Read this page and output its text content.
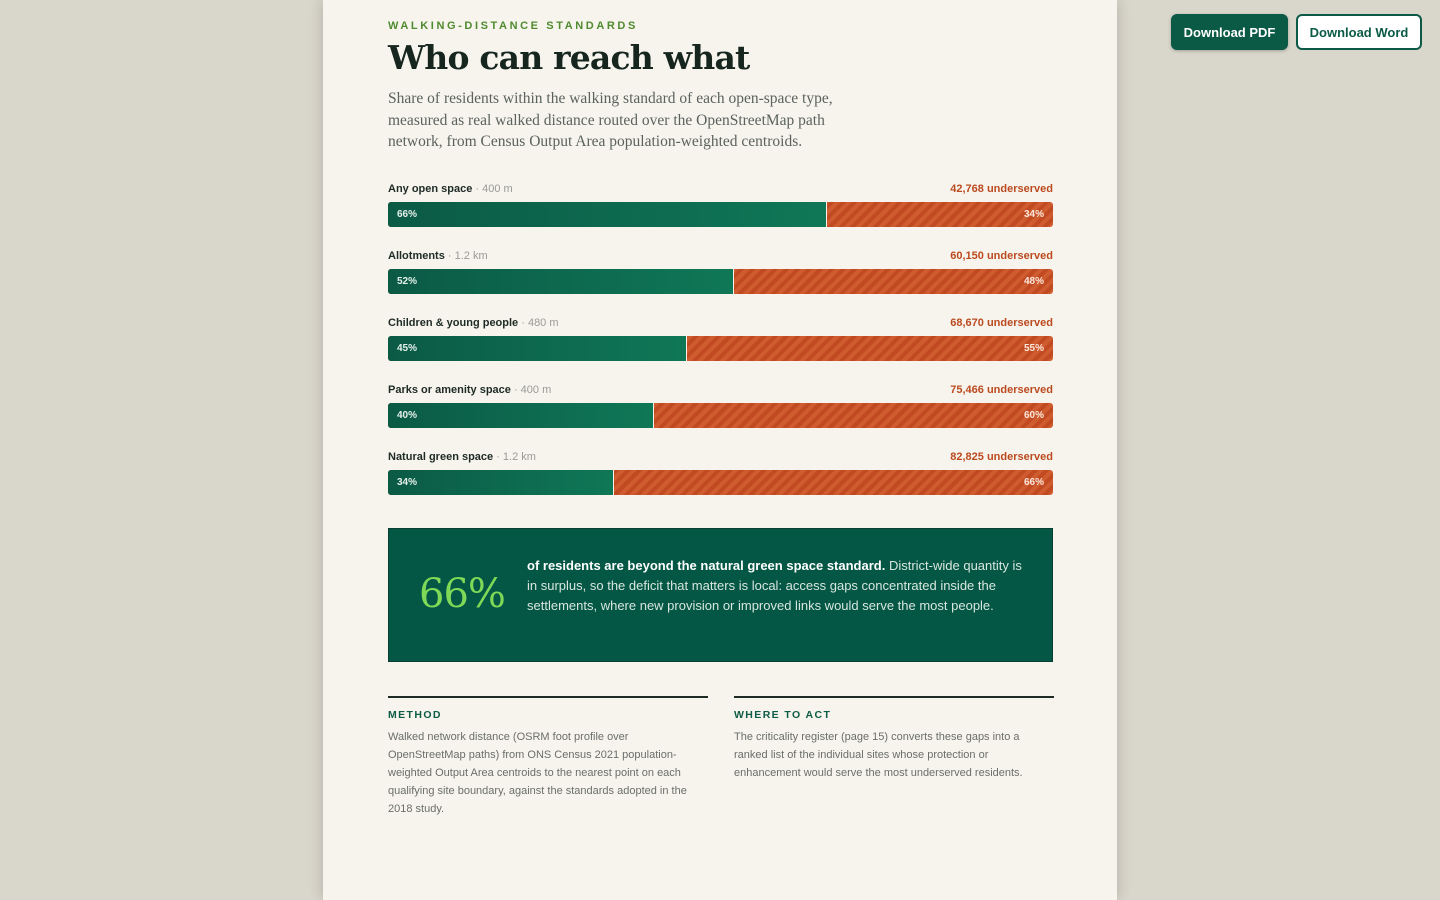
WALKING-DISTANCE STANDARDS
Who can reach what

Share of residents within the walking standard of each open-space type, measured as real walked distance routed over the OpenStreetMap path network, from Census Output Area population-weighted centroids.

Any open space · 400 m	42,768 underserved
66%	34%
Allotments · 1.2 km	60,150 underserved
52%	48%
Children & young people · 480 m	68,670 underserved
45%	55%
Parks or amenity space · 400 m	75,466 underserved
40%	60%
Natural green space · 1.2 km	82,825 underserved
34%	66%
66%

of residents are beyond the natural green space standard. District-wide quantity is in surplus, so the deficit that matters is local: access gaps concentrated inside the settlements, where new provision or improved links would serve the most people.

METHOD

Walked network distance (OSRM foot profile over OpenStreetMap paths) from ONS Census 2021 population-weighted Output Area centroids to the nearest point on each qualifying site boundary, against the standards adopted in the 2018 study.

WHERE TO ACT

The criticality register (page 15) converts these gaps into a ranked list of the individual sites whose protection or enhancement would serve the most underserved residents.

Download PDF	Download Word
